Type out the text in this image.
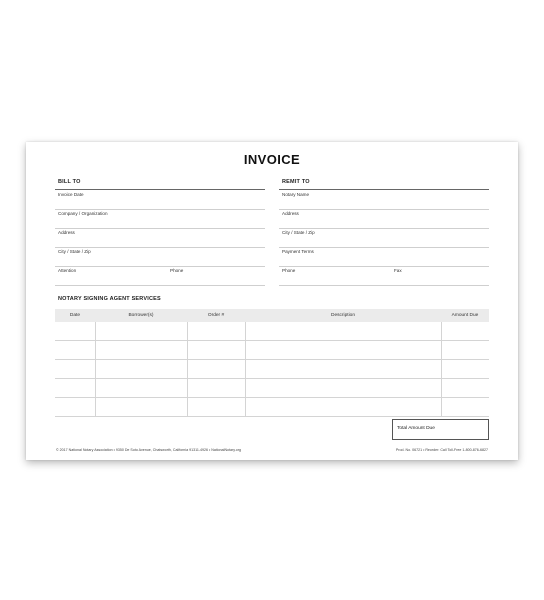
INVOICE
BILL TO
Invoice Date
Company / Organization
Address
City / State / Zip
Attention	Phone
REMIT TO
Notary Name
Address
City / State / Zip
Payment Terms
Phone	Fax
NOTARY SIGNING AGENT SERVICES
Date	Borrower(s)	Order #	Description	Amount Due

Total Amount Due
© 2017 National Notary Association • 9350 De Soto Avenue, Chatsworth, California 91311-4926 • NationalNotary.org	Prod. No. 06721 • Reorder: Call Toll-Free 1-800-876-6827
